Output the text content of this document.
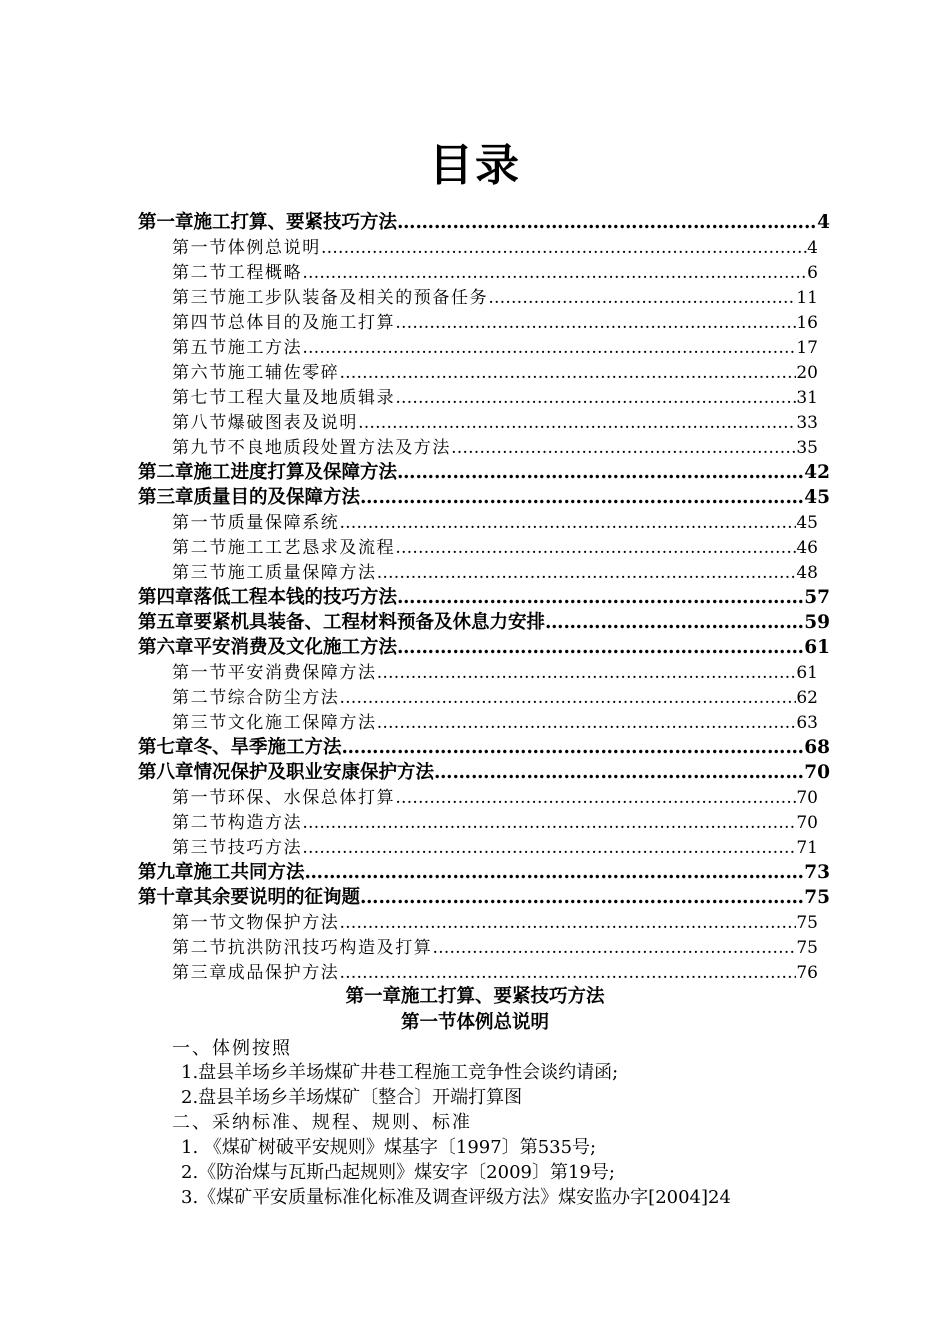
目录
第一章施工打算、要紧技巧方法 ……………………………………………………………………………………………………………………………………………………………………………………………………	4
第一节体例总说明 ……………………………………………………………………………………………………………………………………………………………………………………………………	4
第二节工程概略 ……………………………………………………………………………………………………………………………………………………………………………………………………	6
第三节施工步队装备及相关的预备任务 ……………………………………………………………………………………………………………………………………………………………………………………………………	11
第四节总体目的及施工打算 ……………………………………………………………………………………………………………………………………………………………………………………………………	16
第五节施工方法 ……………………………………………………………………………………………………………………………………………………………………………………………………	17
第六节施工辅佐零碎 ……………………………………………………………………………………………………………………………………………………………………………………………………	20
第七节工程大量及地质辑录 ……………………………………………………………………………………………………………………………………………………………………………………………………	31
第八节爆破图表及说明 ……………………………………………………………………………………………………………………………………………………………………………………………………	33
第九节不良地质段处置方法及方法 ……………………………………………………………………………………………………………………………………………………………………………………………………	35
第二章施工进度打算及保障方法 ……………………………………………………………………………………………………………………………………………………………………………………………………	42
第三章质量目的及保障方法 ……………………………………………………………………………………………………………………………………………………………………………………………………	45
第一节质量保障系统 ……………………………………………………………………………………………………………………………………………………………………………………………………	45
第二节施工工艺恳求及流程 ……………………………………………………………………………………………………………………………………………………………………………………………………	46
第三节施工质量保障方法 ……………………………………………………………………………………………………………………………………………………………………………………………………	48
第四章落低工程本钱的技巧方法 ……………………………………………………………………………………………………………………………………………………………………………………………………	57
第五章要紧机具装备、工程材料预备及休息力安排 ……………………………………………………………………………………………………………………………………………………………………………………………………	59
第六章平安消费及文化施工方法 ……………………………………………………………………………………………………………………………………………………………………………………………………	61
第一节平安消费保障方法 ……………………………………………………………………………………………………………………………………………………………………………………………………	61
第二节综合防尘方法 ……………………………………………………………………………………………………………………………………………………………………………………………………	62
第三节文化施工保障方法 ……………………………………………………………………………………………………………………………………………………………………………………………………	63
第七章冬、旱季施工方法 ……………………………………………………………………………………………………………………………………………………………………………………………………	68
第八章情况保护及职业安康保护方法 ……………………………………………………………………………………………………………………………………………………………………………………………………	70
第一节环保、水保总体打算 ……………………………………………………………………………………………………………………………………………………………………………………………………	70
第二节构造方法 ……………………………………………………………………………………………………………………………………………………………………………………………………	70
第三节技巧方法 ……………………………………………………………………………………………………………………………………………………………………………………………………	71
第九章施工共同方法 ……………………………………………………………………………………………………………………………………………………………………………………………………	73
第十章其余要说明的征询题 ……………………………………………………………………………………………………………………………………………………………………………………………………	75
第一节文物保护方法 ……………………………………………………………………………………………………………………………………………………………………………………………………	75
第二节抗洪防汛技巧构造及打算 ……………………………………………………………………………………………………………………………………………………………………………………………………	75
第三章成品保护方法 ……………………………………………………………………………………………………………………………………………………………………………………………………	76
第一章施工打算、要紧技巧方法
第一节体例总说明
一、体例按照
1.盘县羊场乡羊场煤矿井巷工程施工竞争性会谈约请函;
2.盘县羊场乡羊场煤矿〔整合〕开端打算图
二、采纳标准、规程、规则、标准
1. 《煤矿树破平安规则》煤基字〔1997〕第535号;
2.《防治煤与瓦斯凸起规则》煤安字〔2009〕第19号;
3.《煤矿平安质量标准化标准及调查评级方法》煤安监办字[2004]24
